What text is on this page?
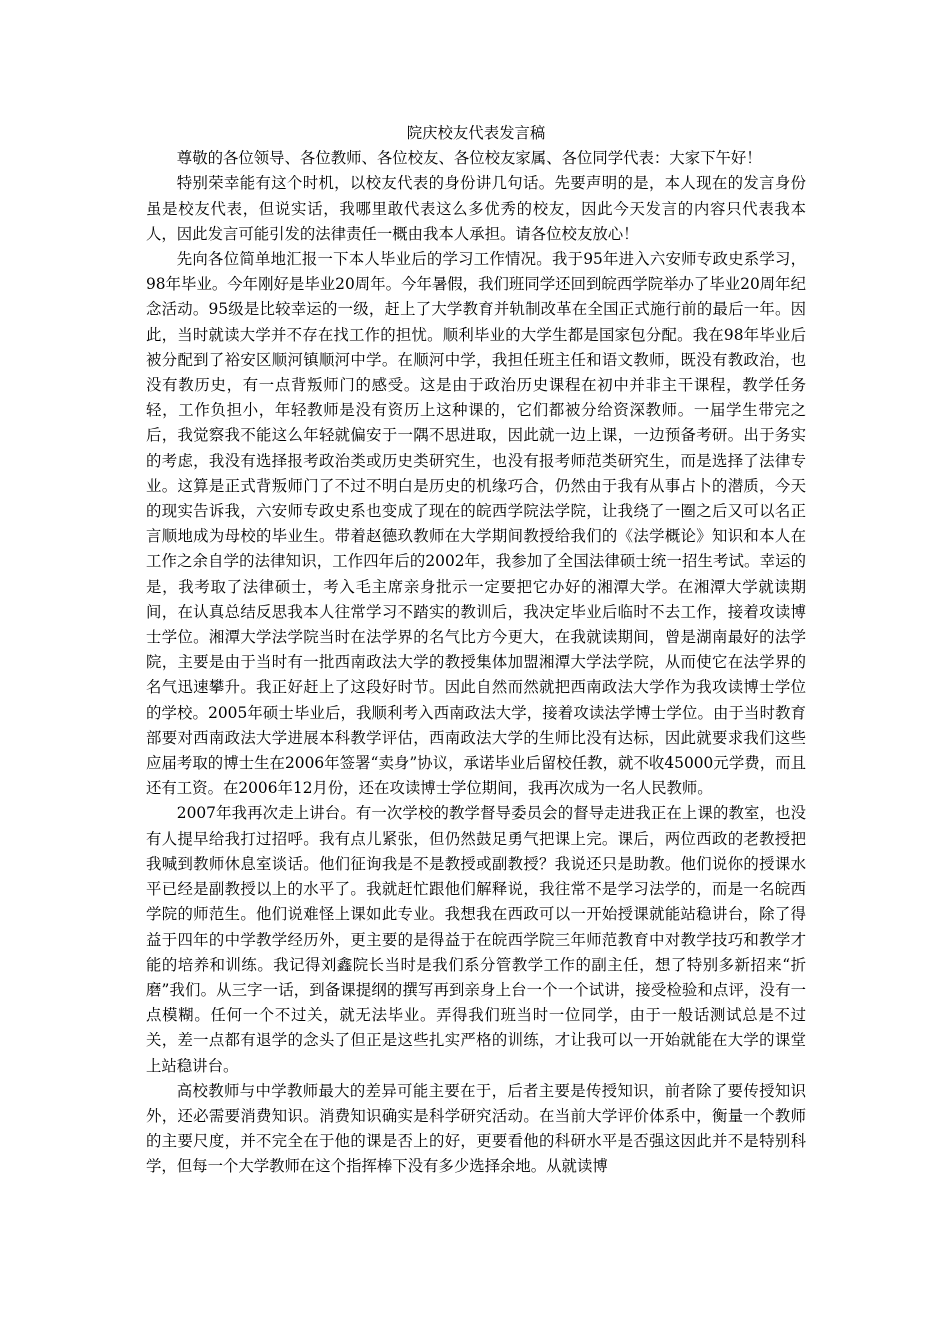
院庆校友代表发言稿

尊敬的各位领导、各位教师、各位校友、各位校友家属、各位同学代表：大家下午好！

特别荣幸能有这个时机，以校友代表的身份讲几句话。先要声明的是，本人现在的发言身份虽是校友代表，但说实话，我哪里敢代表这么多优秀的校友，因此今天发言的内容只代表我本人，因此发言可能引发的法律责任一概由我本人承担。请各位校友放心！

先向各位简单地汇报一下本人毕业后的学习工作情况。我于95年进入六安师专政史系学习，98年毕业。今年刚好是毕业20周年。今年暑假，我们班同学还回到皖西学院举办了毕业20周年纪念活动。95级是比较幸运的一级，赶上了大学教育并轨制改革在全国正式施行前的最后一年。因此，当时就读大学并不存在找工作的担忧。顺利毕业的大学生都是国家包分配。我在98年毕业后被分配到了裕安区顺河镇顺河中学。在顺河中学，我担任班主任和语文教师，既没有教政治，也没有教历史，有一点背叛师门的感受。这是由于政治历史课程在初中并非主干课程，教学任务轻，工作负担小，年轻教师是没有资历上这种课的，它们都被分给资深教师。一届学生带完之后，我觉察我不能这么年轻就偏安于一隅不思进取，因此就一边上课，一边预备考研。出于务实的考虑，我没有选择报考政治类或历史类研究生，也没有报考师范类研究生，而是选择了法律专业。这算是正式背叛师门了不过不明白是历史的机缘巧合，仍然由于我有从事占卜的潜质，今天的现实告诉我，六安师专政史系也变成了现在的皖西学院法学院，让我绕了一圈之后又可以名正言顺地成为母校的毕业生。带着赵德玖教师在大学期间教授给我们的《法学概论》知识和本人在工作之余自学的法律知识，工作四年后的2002年，我参加了全国法律硕士统一招生考试。幸运的是，我考取了法律硕士，考入毛主席亲身批示一定要把它办好的湘潭大学。在湘潭大学就读期间，在认真总结反思我本人往常学习不踏实的教训后，我决定毕业后临时不去工作，接着攻读博士学位。湘潭大学法学院当时在法学界的名气比方今更大，在我就读期间，曾是湖南最好的法学院，主要是由于当时有一批西南政法大学的教授集体加盟湘潭大学法学院，从而使它在法学界的名气迅速攀升。我正好赶上了这段好时节。因此自然而然就把西南政法大学作为我攻读博士学位的学校。2005年硕士毕业后，我顺利考入西南政法大学，接着攻读法学博士学位。由于当时教育部要对西南政法大学进展本科教学评估，西南政法大学的生师比没有达标，因此就要求我们这些应届考取的博士生在2006年签署“卖身”协议，承诺毕业后留校任教，就不收45000元学费，而且还有工资。在2006年12月份，还在攻读博士学位期间，我再次成为一名人民教师。

2007年我再次走上讲台。有一次学校的教学督导委员会的督导走进我正在上课的教室，也没有人提早给我打过招呼。我有点儿紧张，但仍然鼓足勇气把课上完。课后，两位西政的老教授把我喊到教师休息室谈话。他们征询我是不是教授或副教授？我说还只是助教。他们说你的授课水平已经是副教授以上的水平了。我就赶忙跟他们解释说，我往常不是学习法学的，而是一名皖西学院的师范生。他们说难怪上课如此专业。我想我在西政可以一开始授课就能站稳讲台，除了得益于四年的中学教学经历外，更主要的是得益于在皖西学院三年师范教育中对教学技巧和教学才能的培养和训练。我记得刘鑫院长当时是我们系分管教学工作的副主任，想了特别多新招来“折磨”我们。从三字一话，到备课提纲的撰写再到亲身上台一个一个试讲，接受检验和点评，没有一点模糊。任何一个不过关，就无法毕业。弄得我们班当时一位同学，由于一般话测试总是不过关，差一点都有退学的念头了但正是这些扎实严格的训练，才让我可以一开始就能在大学的课堂上站稳讲台。

高校教师与中学教师最大的差异可能主要在于，后者主要是传授知识，前者除了要传授知识外，还必需要消费知识。消费知识确实是科学研究活动。在当前大学评价体系中，衡量一个教师的主要尺度，并不完全在于他的课是否上的好，更要看他的科研水平是否强这因此并不是特别科学，但每一个大学教师在这个指挥棒下没有多少选择余地。从就读博
